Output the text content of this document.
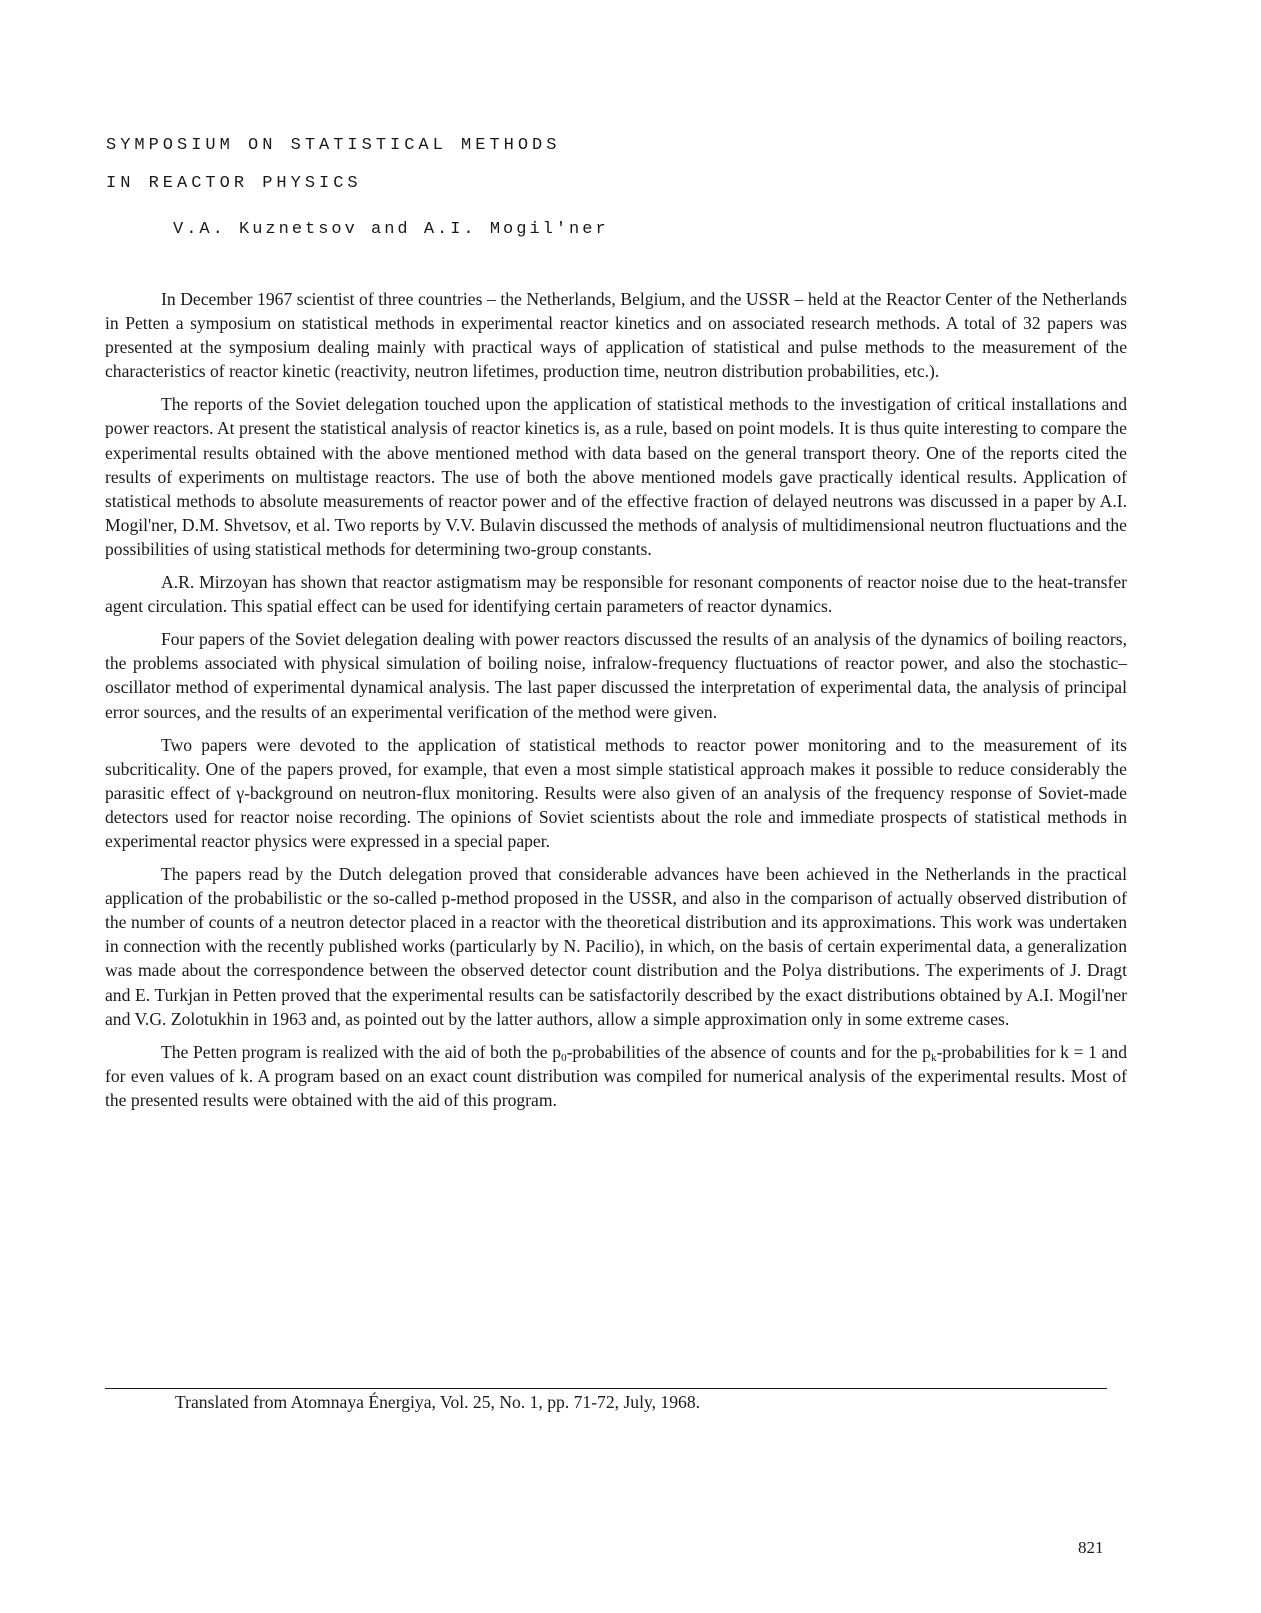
SYMPOSIUM ON STATISTICAL METHODS
IN REACTOR PHYSICS
V.A. Kuznetsov and A.I. Mogil'ner

In December 1967 scientist of three countries – the Netherlands, Belgium, and the USSR – held at the Reactor Center of the Netherlands in Petten a symposium on statistical methods in experimental reactor kinetics and on associated research methods. A total of 32 papers was presented at the symposium dealing mainly with practical ways of application of statistical and pulse methods to the measurement of the characteristics of reactor kinetic (reactivity, neutron lifetimes, production time, neutron distribution probabilities, etc.).

The reports of the Soviet delegation touched upon the application of statistical methods to the investigation of critical installations and power reactors. At present the statistical analysis of reactor kinetics is, as a rule, based on point models. It is thus quite interesting to compare the experimental results obtained with the above mentioned method with data based on the general transport theory. One of the reports cited the results of experiments on multistage reactors. The use of both the above mentioned models gave practically identical results. Application of statistical methods to absolute measurements of reactor power and of the effective fraction of delayed neutrons was discussed in a paper by A.I. Mogil'ner, D.M. Shvetsov, et al. Two reports by V.V. Bulavin discussed the methods of analysis of multidimensional neutron fluctuations and the possibilities of using statistical methods for determining two-group constants.

A.R. Mirzoyan has shown that reactor astigmatism may be responsible for resonant components of reactor noise due to the heat-transfer agent circulation. This spatial effect can be used for identifying certain parameters of reactor dynamics.

Four papers of the Soviet delegation dealing with power reactors discussed the results of an analysis of the dynamics of boiling reactors, the problems associated with physical simulation of boiling noise, infralow-frequency fluctuations of reactor power, and also the stochastic–oscillator method of experimental dynamical analysis. The last paper discussed the interpretation of experimental data, the analysis of principal error sources, and the results of an experimental verification of the method were given.

Two papers were devoted to the application of statistical methods to reactor power monitoring and to the measurement of its subcriticality. One of the papers proved, for example, that even a most simple statistical approach makes it possible to reduce considerably the parasitic effect of γ-background on neutron-flux monitoring. Results were also given of an analysis of the frequency response of Soviet-made detectors used for reactor noise recording. The opinions of Soviet scientists about the role and immediate prospects of statistical methods in experimental reactor physics were expressed in a special paper.

The papers read by the Dutch delegation proved that considerable advances have been achieved in the Netherlands in the practical application of the probabilistic or the so-called p-method proposed in the USSR, and also in the comparison of actually observed distribution of the number of counts of a neutron detector placed in a reactor with the theoretical distribution and its approximations. This work was undertaken in connection with the recently published works (particularly by N. Pacilio), in which, on the basis of certain experimental data, a generalization was made about the correspondence between the observed detector count distribution and the Polya distributions. The experiments of J. Dragt and E. Turkjan in Petten proved that the experimental results can be satisfactorily described by the exact distributions obtained by A.I. Mogil'ner and V.G. Zolotukhin in 1963 and, as pointed out by the latter authors, allow a simple approximation only in some extreme cases.

The Petten program is realized with the aid of both the $p_0$-probabilities of the absence of counts and for the $p_k$-probabilities for k = 1 and for even values of k. A program based on an exact count distribution was compiled for numerical analysis of the experimental results. Most of the presented results were obtained with the aid of this program.

Translated from Atomnaya Énergiya, Vol. 25, No. 1, pp. 71-72, July, 1968.
821
